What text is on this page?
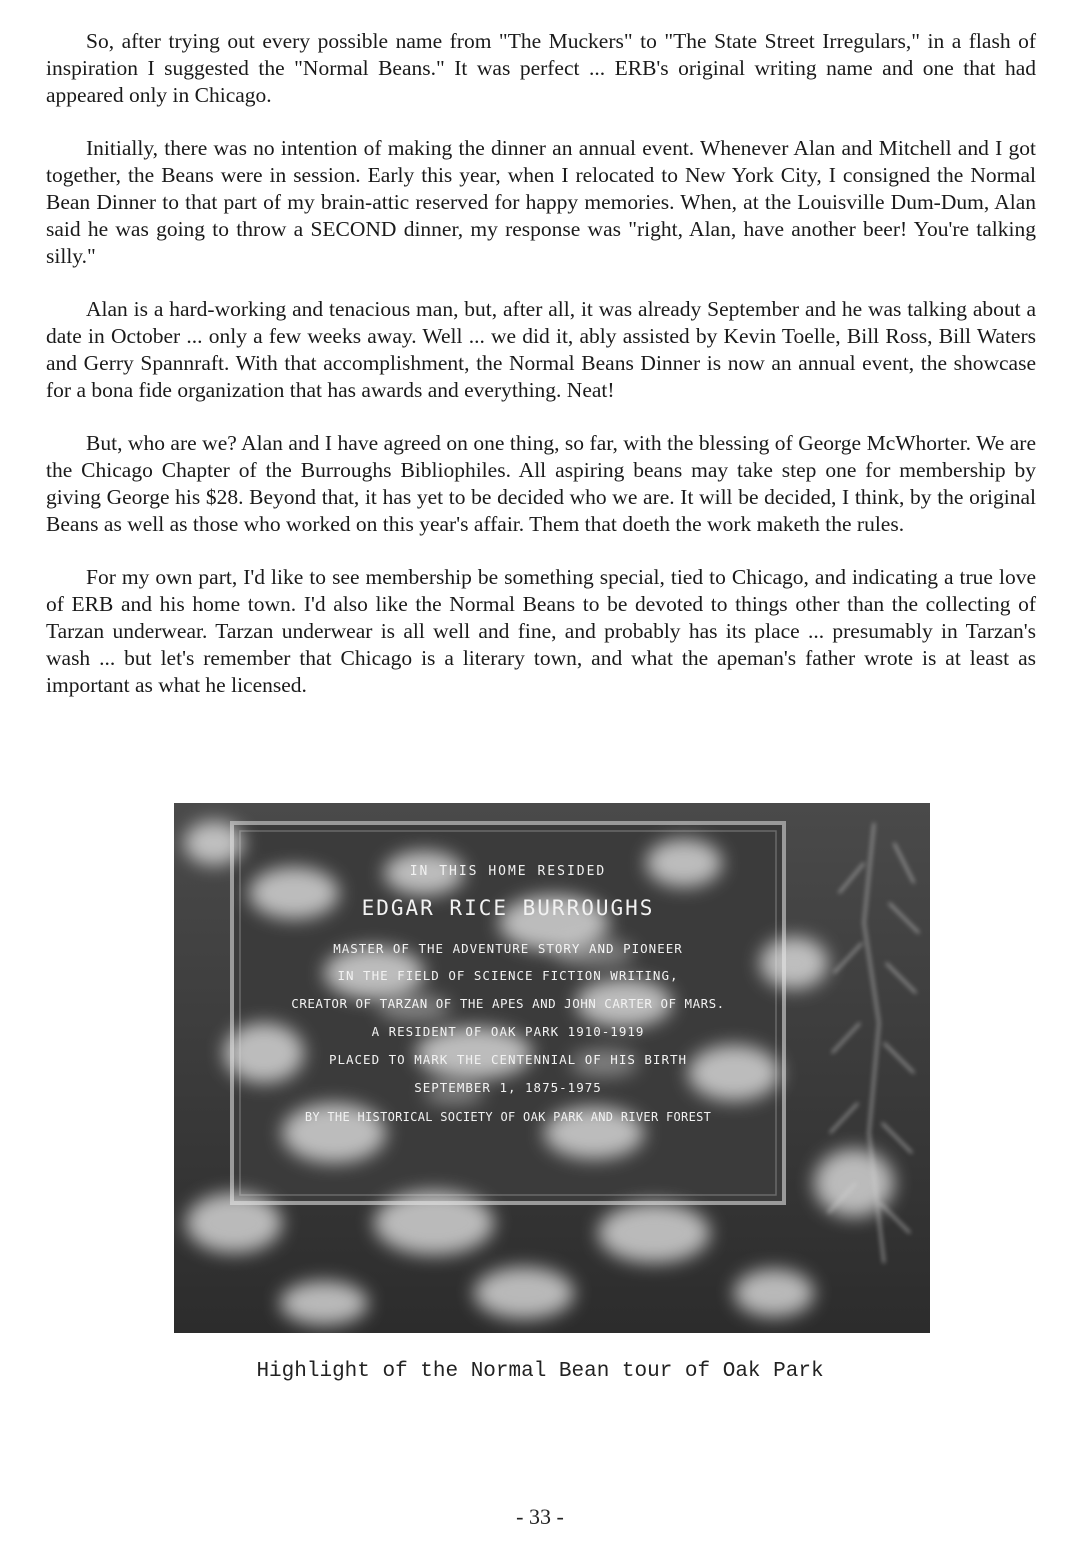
So, after trying out every possible name from "The Muckers" to "The State Street Irregulars," in a flash of inspiration I suggested the "Normal Beans." It was perfect ... ERB's original writing name and one that had appeared only in Chicago.

Initially, there was no intention of making the dinner an annual event. Whenever Alan and Mitchell and I got together, the Beans were in session. Early this year, when I relocated to New York City, I consigned the Normal Bean Dinner to that part of my brain-attic reserved for happy memories. When, at the Louisville Dum-Dum, Alan said he was going to throw a SECOND dinner, my response was "right, Alan, have another beer! You're talking silly."

Alan is a hard-working and tenacious man, but, after all, it was already September and he was talking about a date in October ... only a few weeks away. Well ... we did it, ably assisted by Kevin Toelle, Bill Ross, Bill Waters and Gerry Spannraft. With that accomplishment, the Normal Beans Dinner is now an annual event, the showcase for a bona fide organization that has awards and everything. Neat!

But, who are we? Alan and I have agreed on one thing, so far, with the blessing of George McWhorter. We are the Chicago Chapter of the Burroughs Bibliophiles. All aspiring beans may take step one for membership by giving George his $28. Beyond that, it has yet to be decided who we are. It will be decided, I think, by the original Beans as well as those who worked on this year's affair. Them that doeth the work maketh the rules.

For my own part, I'd like to see membership be something special, tied to Chicago, and indicating a true love of ERB and his home town. I'd also like the Normal Beans to be devoted to things other than the collecting of Tarzan underwear. Tarzan underwear is all well and fine, and probably has its place ... presumably in Tarzan's wash ... but let's remember that Chicago is a literary town, and what the apeman's father wrote is at least as important as what he licensed.

IN THIS HOME RESIDED
EDGAR RICE BURROUGHS
MASTER OF THE ADVENTURE STORY AND PIONEER
IN THE FIELD OF SCIENCE FICTION WRITING,
CREATOR OF TARZAN OF THE APES AND JOHN CARTER OF MARS.
A RESIDENT OF OAK PARK 1910-1919
PLACED TO MARK THE CENTENNIAL OF HIS BIRTH
SEPTEMBER 1, 1875-1975
BY THE HISTORICAL SOCIETY OF OAK PARK AND RIVER FOREST
Highlight of the Normal Bean tour of Oak Park
- 33 -
